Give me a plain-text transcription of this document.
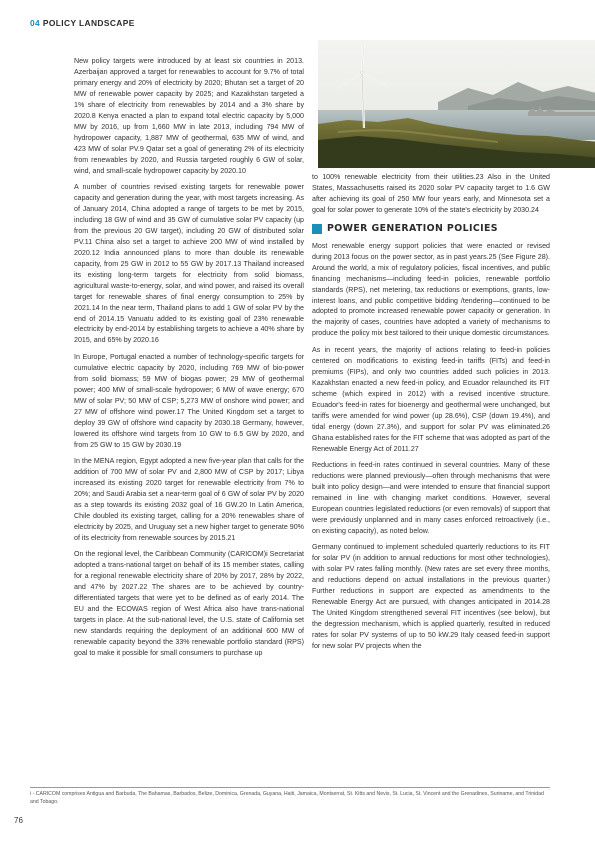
04 POLICY LANDSCAPE

New policy targets were introduced by at least six countries in 2013. Azerbaijan approved a target for renewables to account for 9.7% of total primary energy and 20% of electricity by 2020; Bhutan set a target of 20 MW of renewable power capacity by 2025; and Kazakhstan targeted a 1% share of electricity from renewables by 2014 and a 3% share by 2020.8 Kenya enacted a plan to expand total electric capacity by 5,000 MW by 2016, up from 1,660 MW in late 2013, including 794 MW of hydropower capacity, 1,887 MW of geothermal, 635 MW of wind, and 423 MW of solar PV.9 Qatar set a goal of generating 2% of its electricity from renewables by 2020, and Russia targeted roughly 6 GW of solar, wind, and small-scale hydropower capacity by 2020.10

A number of countries revised existing targets for renewable power capacity and generation during the year, with most targets increasing. As of January 2014, China adopted a range of targets to be met by 2015, including 18 GW of wind and 35 GW of cumulative solar PV capacity (up from the previous 20 GW target), including 20 GW of distributed solar PV.11 China also set a target to achieve 200 MW of wind installed by 2020.12 India announced plans to more than double its renewable capacity, from 25 GW in 2012 to 55 GW by 2017.13 Thailand increased its existing long-term targets for electricity from solid biomass, agricultural waste-to-energy, solar, and wind power, and raised its overall target for renewable shares of final energy consumption to 25% by 2021.14 In the near term, Thailand plans to add 1 GW of solar PV by the end of 2014.15 Vanuatu added to its existing goal of 23% renewable electricity by end-2014 by establishing targets to achieve a 40% share by 2015, and 65% by 2020.16

In Europe, Portugal enacted a number of technology-specific targets for cumulative electric capacity by 2020, including 769 MW of bio-power from solid biomass; 59 MW of biogas power; 29 MW of geothermal power; 400 MW of small-scale hydropower; 6 MW of wave energy; 670 MW of solar PV; 50 MW of CSP; 5,273 MW of onshore wind power; and 27 MW of offshore wind power.17 The United Kingdom set a target to deploy 39 GW of offshore wind capacity by 2030.18 Germany, however, lowered its offshore wind targets from 10 GW to 6.5 GW by 2020, and from 25 GW to 15 GW by 2030.19

In the MENA region, Egypt adopted a new five-year plan that calls for the addition of 700 MW of solar PV and 2,800 MW of CSP by 2017; Libya increased its existing 2020 target for renewable electricity from 7% to 20%; and Saudi Arabia set a near-term goal of 6 GW of solar PV by 2020 as a step towards its existing 2032 goal of 16 GW.20 In Latin America, Chile doubled its existing target, calling for a 20% renewables share of electricity by 2025, and Uruguay set a new higher target to generate 90% of its electricity from renewable sources by 2015.21

On the regional level, the Caribbean Community (CARICOM)i Secretariat adopted a trans-national target on behalf of its 15 member states, calling for a regional renewable electricity share of 20% by 2017, 28% by 2022, and 47% by 2027.22 The shares are to be achieved by country-differentiated targets that were yet to be defined as of early 2014. The EU and the ECOWAS region of West Africa also have trans-national targets in place. At the sub-national level, the U.S. state of California set new standards requiring the deployment of an additional 600 MW of renewable capacity beyond the 33% renewable portfolio standard (RPS) goal to make it possible for small consumers to purchase up

to 100% renewable electricity from their utilities.23 Also in the United States, Massachusetts raised its 2020 solar PV capacity target to 1.6 GW after achieving its goal of 250 MW four years early, and Minnesota set a goal for solar power to generate 10% of the state's electricity by 2030.24

POWER GENERATION POLICIES

Most renewable energy support policies that were enacted or revised during 2013 focus on the power sector, as in past years.25 (See Figure 28). Around the world, a mix of regulatory policies, fiscal incentives, and public financing mechanisms—including feed-in policies, renewable portfolio standards (RPS), net metering, tax reductions or exemptions, grants, low-interest loans, and public competitive bidding /tendering—continued to be adopted to promote increased renewable power capacity or generation. In the majority of cases, countries have adopted a variety of mechanisms to produce the policy mix best tailored to their unique domestic circumstances.

As in recent years, the majority of actions relating to feed-in policies centered on modifications to existing feed-in tariffs (FITs) and feed-in premiums (FIPs), and only two countries added such policies in 2013. Kazakhstan enacted a new feed-in policy, and Ecuador relaunched its FIT scheme (which expired in 2012) with a revised incentive structure. Ecuador's feed-in rates for bioenergy and geothermal were unchanged, but tariffs were amended for wind power (up 28.6%), CSP (down 19.4%), and tidal energy (down 27.3%), and support for solar PV was eliminated.26 Ghana established rates for the FIT scheme that was adopted as part of the Renewable Energy Act of 2011.27

Reductions in feed-in rates continued in several countries. Many of these reductions were planned previously—often through mechanisms that were built into policy design—and were intended to ensure that financial support remained in line with changing market conditions. However, several European countries legislated reductions (or even removals) of support that were previously unplanned and in many cases enforced retroactively (i.e., on existing capacity), as noted below.

Germany continued to implement scheduled quarterly reductions to its FIT for solar PV (in addition to annual reductions for most other technologies), with solar PV rates falling monthly. (New rates are set every three months, and reductions depend on actual installations in the previous quarter.) Further reductions in support are expected as amendments to the Renewable Energy Act are pursued, with changes anticipated in 2014.28 The United Kingdom strengthened several FIT incentives (see below), but the degression mechanism, which is applied quarterly, resulted in reduced rates for solar PV systems of up to 50 kW.29 Italy ceased feed-in support for new solar PV projects when the

i - CARICOM comprises Antigua and Barbuda, The Bahamas, Barbados, Belize, Dominica, Grenada, Guyana, Haiti, Jamaica, Montserrat, St. Kitts and Nevis, St. Lucia, St. Vincent and the Grenadines, Suriname, and Trinidad and Tobago.
76
